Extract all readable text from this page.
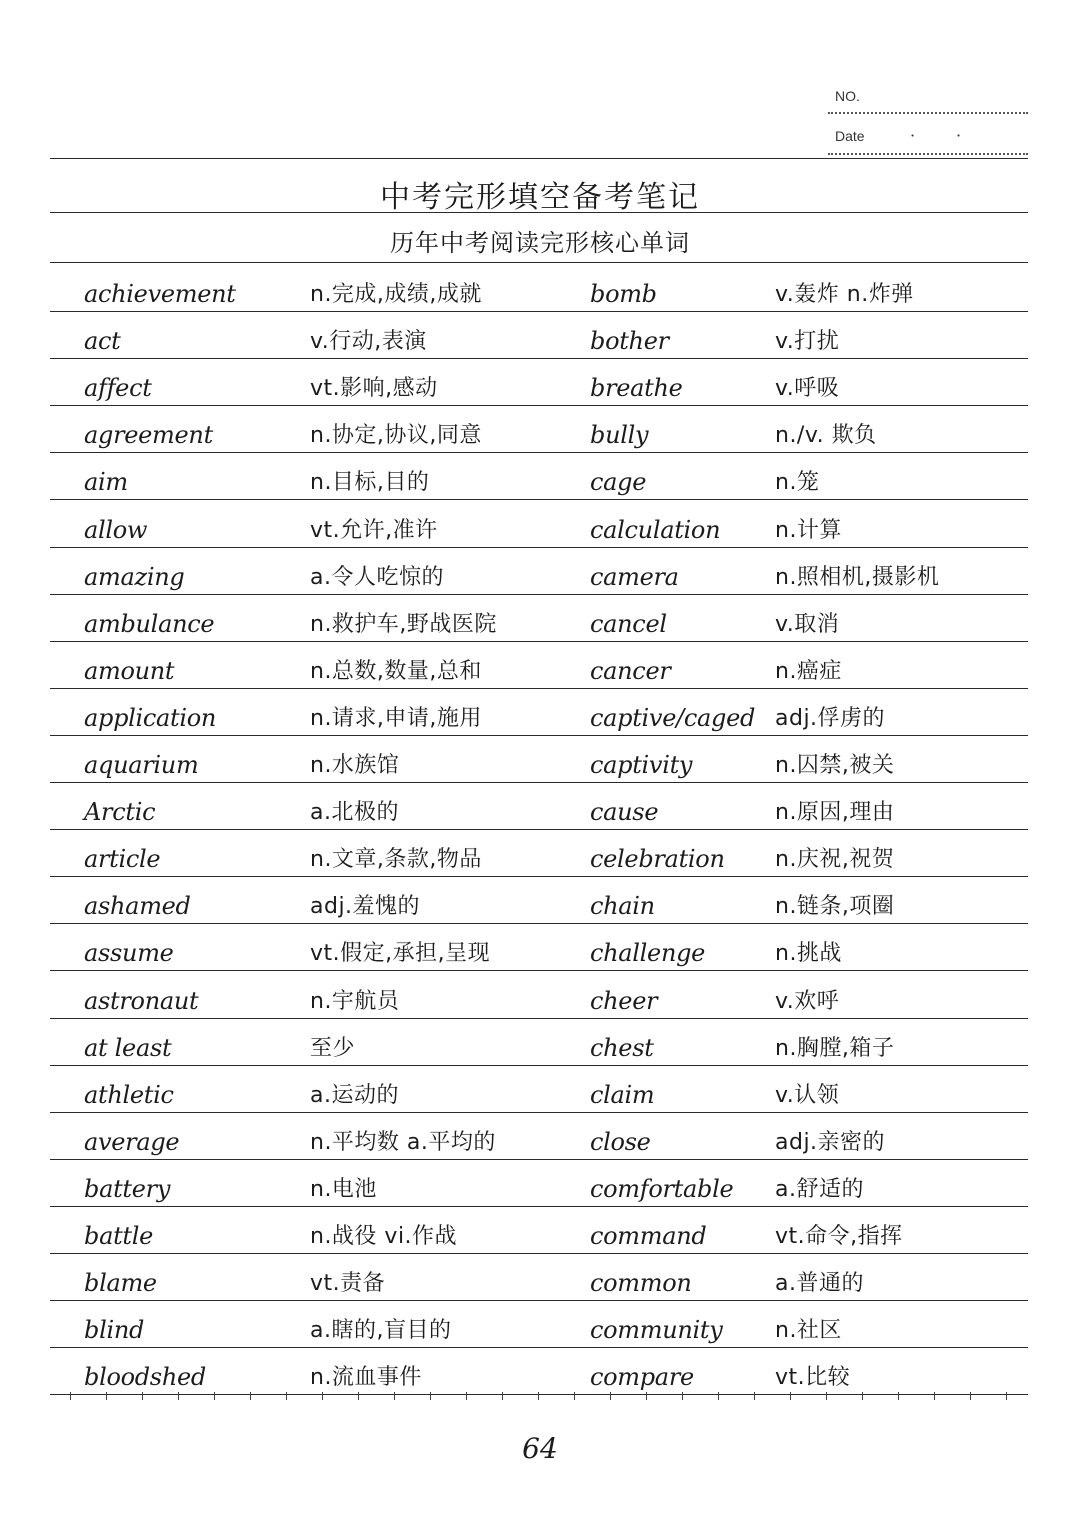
NO.
Date	·	·
中考完形填空备考笔记
历年中考阅读完形核心单词
achievement	n.完成,成绩,成就	bomb	v.轰炸 n.炸弹
act	v.行动,表演	bother	v.打扰
affect	vt.影响,感动	breathe	v.呼吸
agreement	n.协定,协议,同意	bully	n./v. 欺负
aim	n.目标,目的	cage	n.笼
allow	vt.允许,准许	calculation n.计算
amazing	a.令人吃惊的	camera	n.照相机,摄影机
ambulance	n.救护车,野战医院	cancel	v.取消
amount	n.总数,数量,总和	cancer	n.癌症
application	n.请求,申请,施用	captive/caged adj.俘虏的
aquarium	n.水族馆	captivity	n.囚禁,被关
Arctic	a.北极的	cause	n.原因,理由
article	n.文章,条款,物品	celebration n.庆祝,祝贺
ashamed	adj.羞愧的	chain	n.链条,项圈
assume	vt.假定,承担,呈现	challenge	n.挑战
astronaut	n.宇航员	cheer	v.欢呼
at least	至少	chest	n.胸膛,箱子
athletic	a.运动的	claim	v.认领
average	n.平均数 a.平均的	close	adj.亲密的
battery	n.电池	comfortable a.舒适的
battle	n.战役 vi.作战	command	vt.命令,指挥
blame	vt.责备	common	a.普通的
blind	a.瞎的,盲目的	community n.社区
bloodshed	n.流血事件	compare	vt.比较
64
